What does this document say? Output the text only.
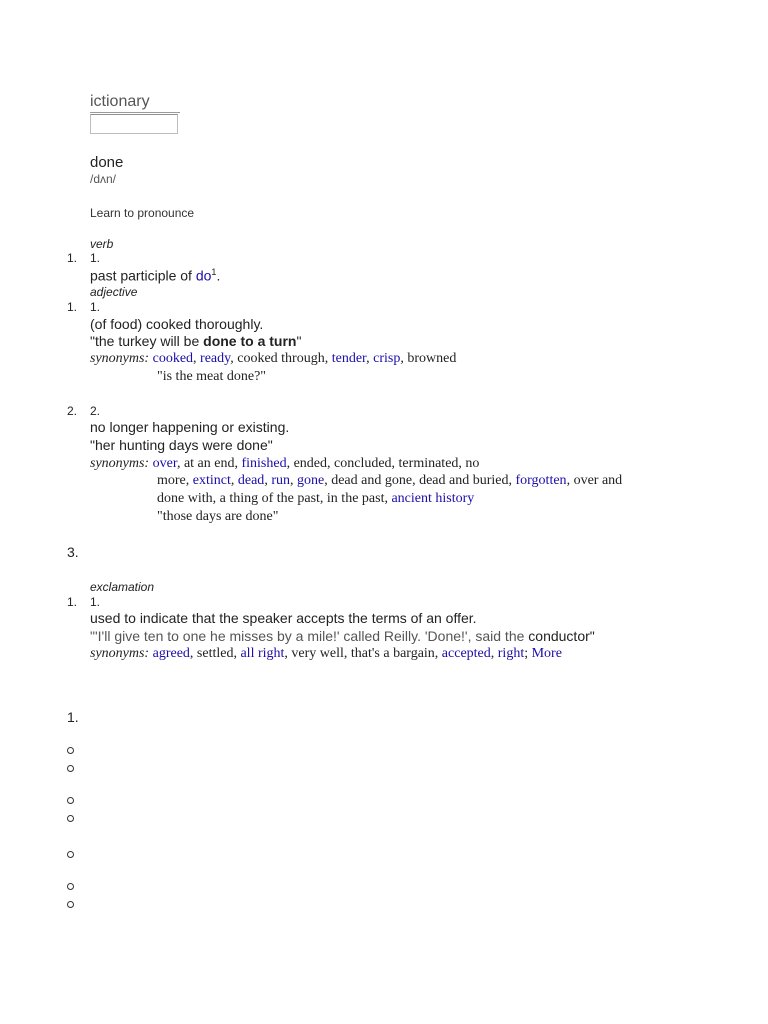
ictionary
done
/dʌn/
Learn to pronounce
verb
1. 1.
past participle of $do^1$.
adjective
1. 1.
(of food) cooked thoroughly.
"the turkey will be done to a turn"
synonyms: cooked, ready, cooked through, tender, crisp, browned
"is the meat done?"
2. 2.
no longer happening or existing.
"her hunting days were done"
synonyms: over, at an end, finished, ended, concluded, terminated, no
more, extinct, dead, run, gone, dead and gone, dead and buried, forgotten, over and
done with, a thing of the past, in the past, ancient history
"those days are done"
3.
exclamation
1. 1.
used to indicate that the speaker accepts the terms of an offer.
"'I'll give ten to one he misses by a mile!' called Reilly. 'Done!', said the conductor"
synonyms: agreed, settled, all right, very well, that's a bargain, accepted, right; More
1.
